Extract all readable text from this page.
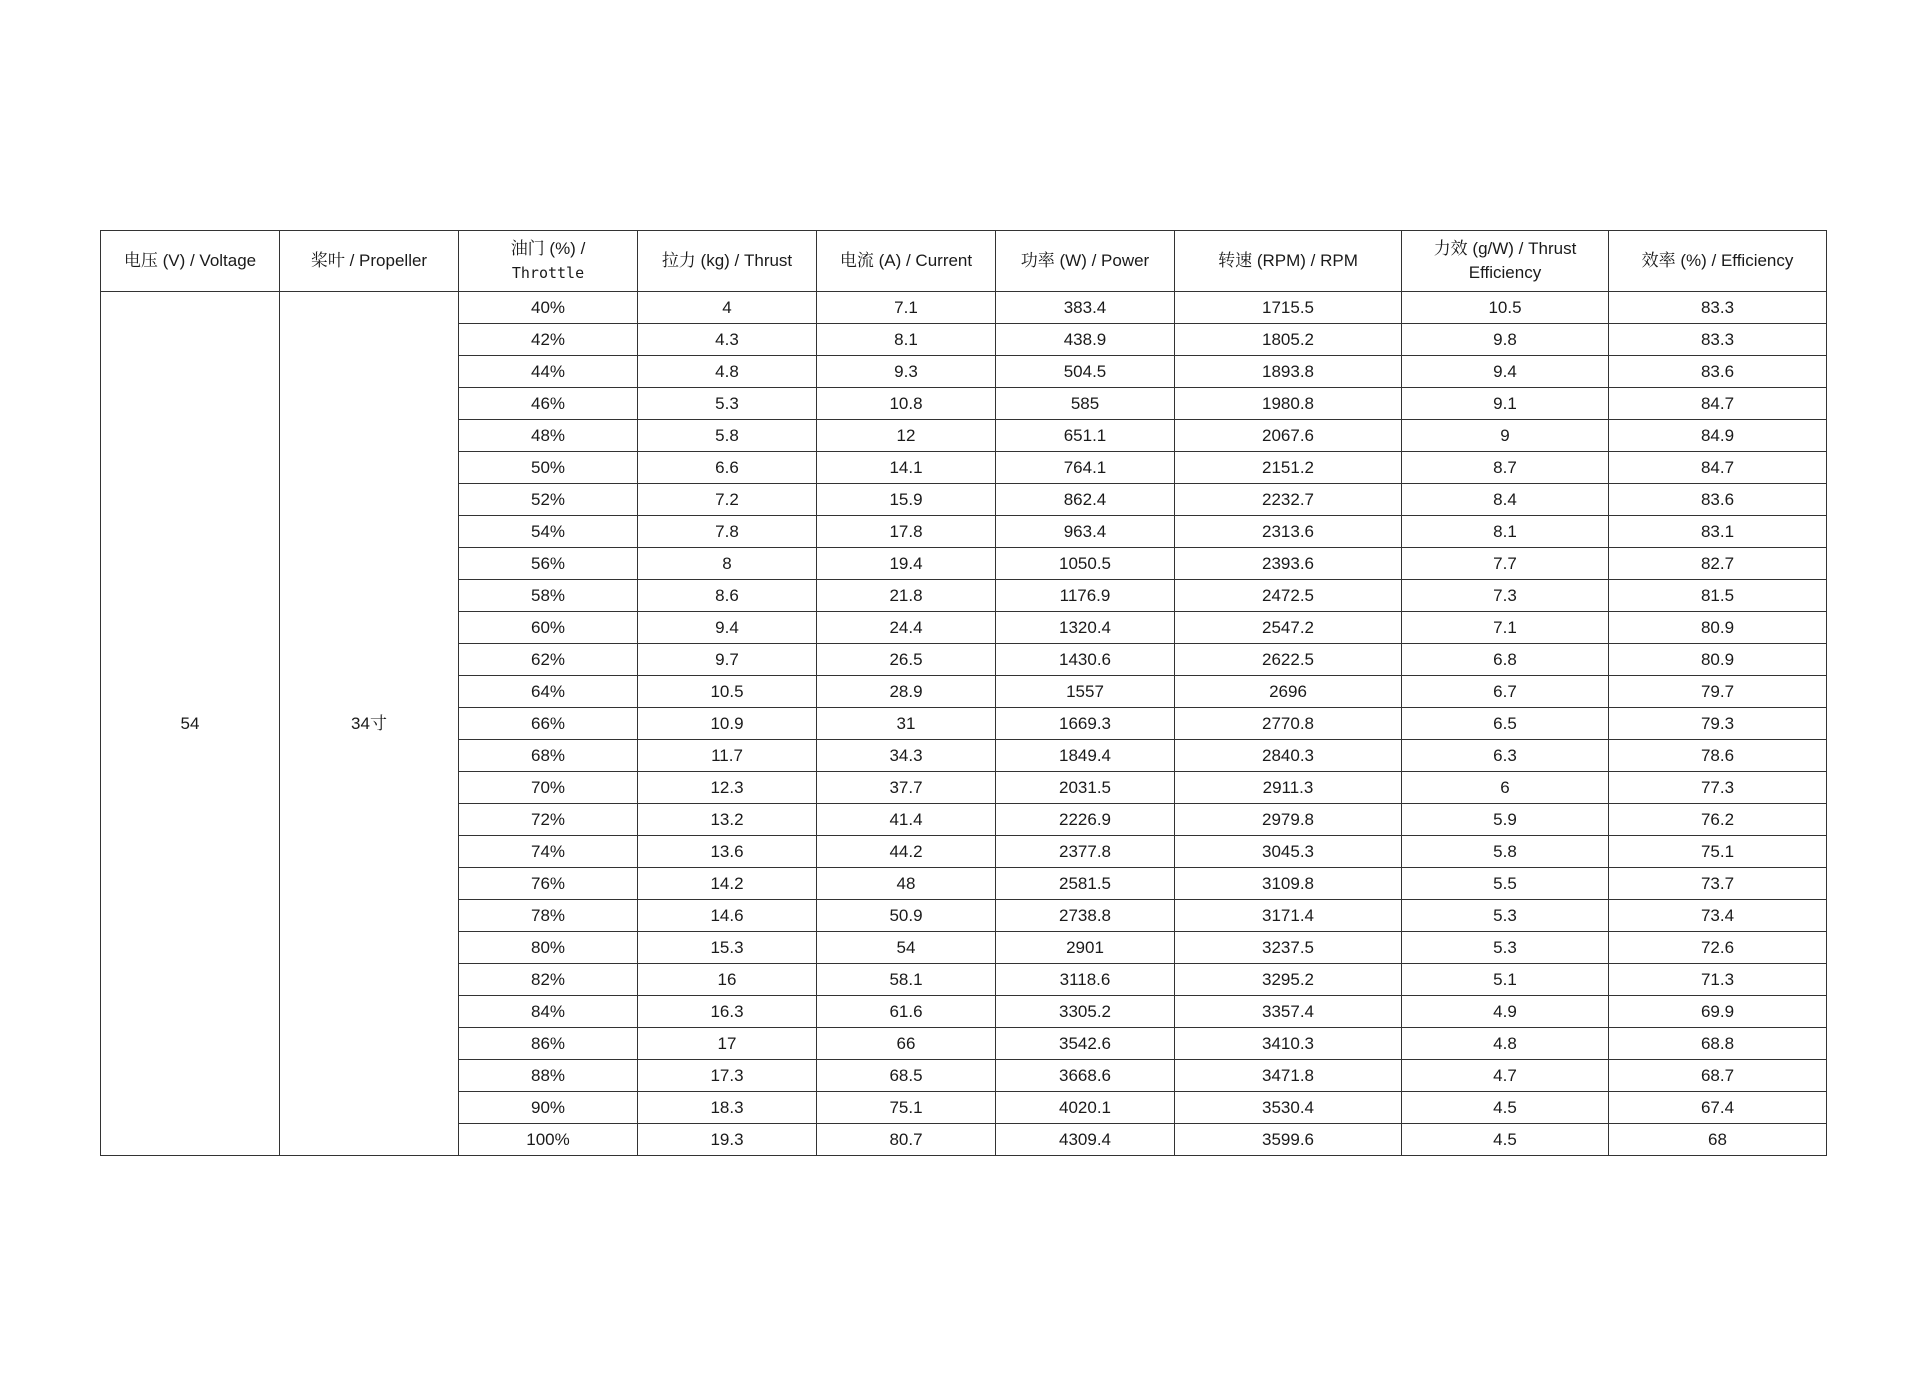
电压 (V) / Voltage	桨叶 / Propeller	油门 (%) /
Throttle	拉力 (kg) / Thrust	电流 (A) / Current	功率 (W) / Power	转速 (RPM) / RPM	力效 (g/W) / Thrust Efficiency	效率 (%) / Efficiency
54	34寸	40%	4	7.1	383.4	1715.5	10.5	83.3
		42%	4.3	8.1	438.9	1805.2	9.8	83.3
		44%	4.8	9.3	504.5	1893.8	9.4	83.6
		46%	5.3	10.8	585	1980.8	9.1	84.7
		48%	5.8	12	651.1	2067.6	9	84.9
		50%	6.6	14.1	764.1	2151.2	8.7	84.7
		52%	7.2	15.9	862.4	2232.7	8.4	83.6
		54%	7.8	17.8	963.4	2313.6	8.1	83.1
		56%	8	19.4	1050.5	2393.6	7.7	82.7
		58%	8.6	21.8	1176.9	2472.5	7.3	81.5
		60%	9.4	24.4	1320.4	2547.2	7.1	80.9
		62%	9.7	26.5	1430.6	2622.5	6.8	80.9
		64%	10.5	28.9	1557	2696	6.7	79.7
		66%	10.9	31	1669.3	2770.8	6.5	79.3
		68%	11.7	34.3	1849.4	2840.3	6.3	78.6
		70%	12.3	37.7	2031.5	2911.3	6	77.3
		72%	13.2	41.4	2226.9	2979.8	5.9	76.2
		74%	13.6	44.2	2377.8	3045.3	5.8	75.1
		76%	14.2	48	2581.5	3109.8	5.5	73.7
		78%	14.6	50.9	2738.8	3171.4	5.3	73.4
		80%	15.3	54	2901	3237.5	5.3	72.6
		82%	16	58.1	3118.6	3295.2	5.1	71.3
		84%	16.3	61.6	3305.2	3357.4	4.9	69.9
		86%	17	66	3542.6	3410.3	4.8	68.8
		88%	17.3	68.5	3668.6	3471.8	4.7	68.7
		90%	18.3	75.1	4020.1	3530.4	4.5	67.4
		100%	19.3	80.7	4309.4	3599.6	4.5	68
